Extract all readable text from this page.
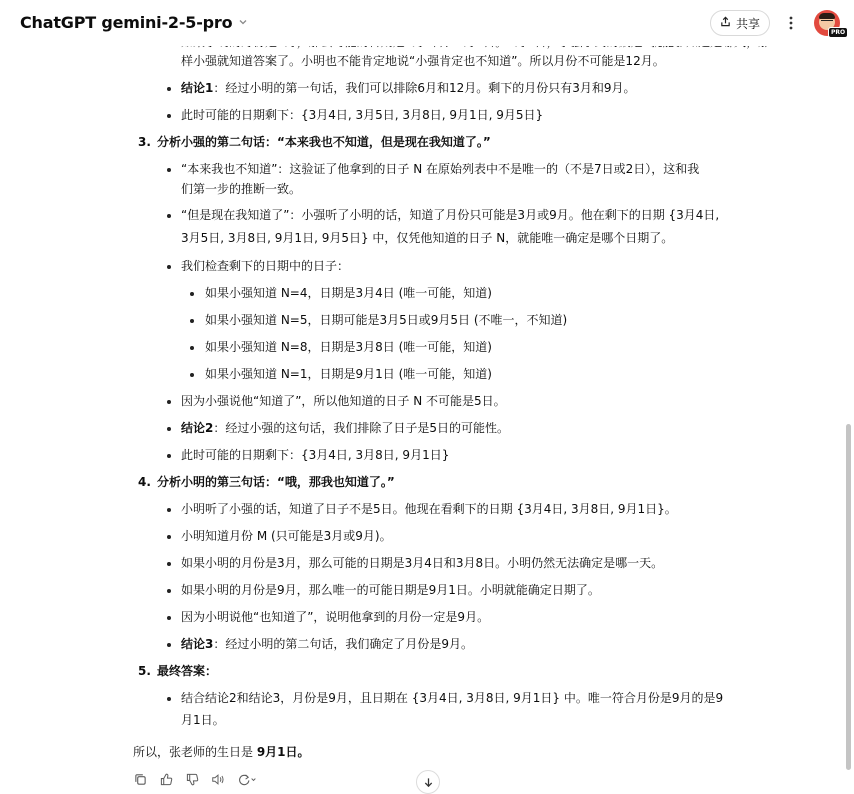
样小强就知道答案了。小明也不能肯定地说“小强肯定也不知道”。所以月份不可能是12月。
结论1：经过小明的第一句话，我们可以排除6月和12月。剩下的月份只有3月和9月。
此时可能的日期剩下：{3月4日, 3月5日, 3月8日, 9月1日, 9月5日}
3. 分析小强的第二句话：“本来我也不知道，但是现在我知道了。”
“本来我也不知道”：这验证了他拿到的日子 N 在原始列表中不是唯一的（不是7日或2日），这和我
们第一步的推断一致。
“但是现在我知道了”：小强听了小明的话，知道了月份只可能是3月或9月。他在剩下的日期 {3月4日,
3月5日, 3月8日, 9月1日, 9月5日} 中，仅凭他知道的日子 N，就能唯一确定是哪个日期了。
我们检查剩下的日期中的日子：
如果小强知道 N=4，日期是3月4日 (唯一可能，知道)
如果小强知道 N=5，日期可能是3月5日或9月5日 (不唯一，不知道)
如果小强知道 N=8，日期是3月8日 (唯一可能，知道)
如果小强知道 N=1，日期是9月1日 (唯一可能，知道)
因为小强说他“知道了”，所以他知道的日子 N 不可能是5日。
结论2：经过小强的这句话，我们排除了日子是5日的可能性。
此时可能的日期剩下：{3月4日, 3月8日, 9月1日}
4. 分析小明的第三句话：“哦，那我也知道了。”
小明听了小强的话，知道了日子不是5日。他现在看剩下的日期 {3月4日, 3月8日, 9月1日}。
小明知道月份 M (只可能是3月或9月)。
如果小明的月份是3月，那么可能的日期是3月4日和3月8日。小明仍然无法确定是哪一天。
如果小明的月份是9月，那么唯一的可能日期是9月1日。小明就能确定日期了。
因为小明说他“也知道了”，说明他拿到的月份一定是9月。
结论3：经过小明的第二句话，我们确定了月份是9月。
5. 最终答案：
结合结论2和结论3，月份是9月，且日期在 {3月4日, 3月8日, 9月1日} 中。唯一符合月份是9月的是9
月1日。
所以，张老师的生日是 9月1日。
ChatGPT gemini-2-5-pro	共享
PRO
